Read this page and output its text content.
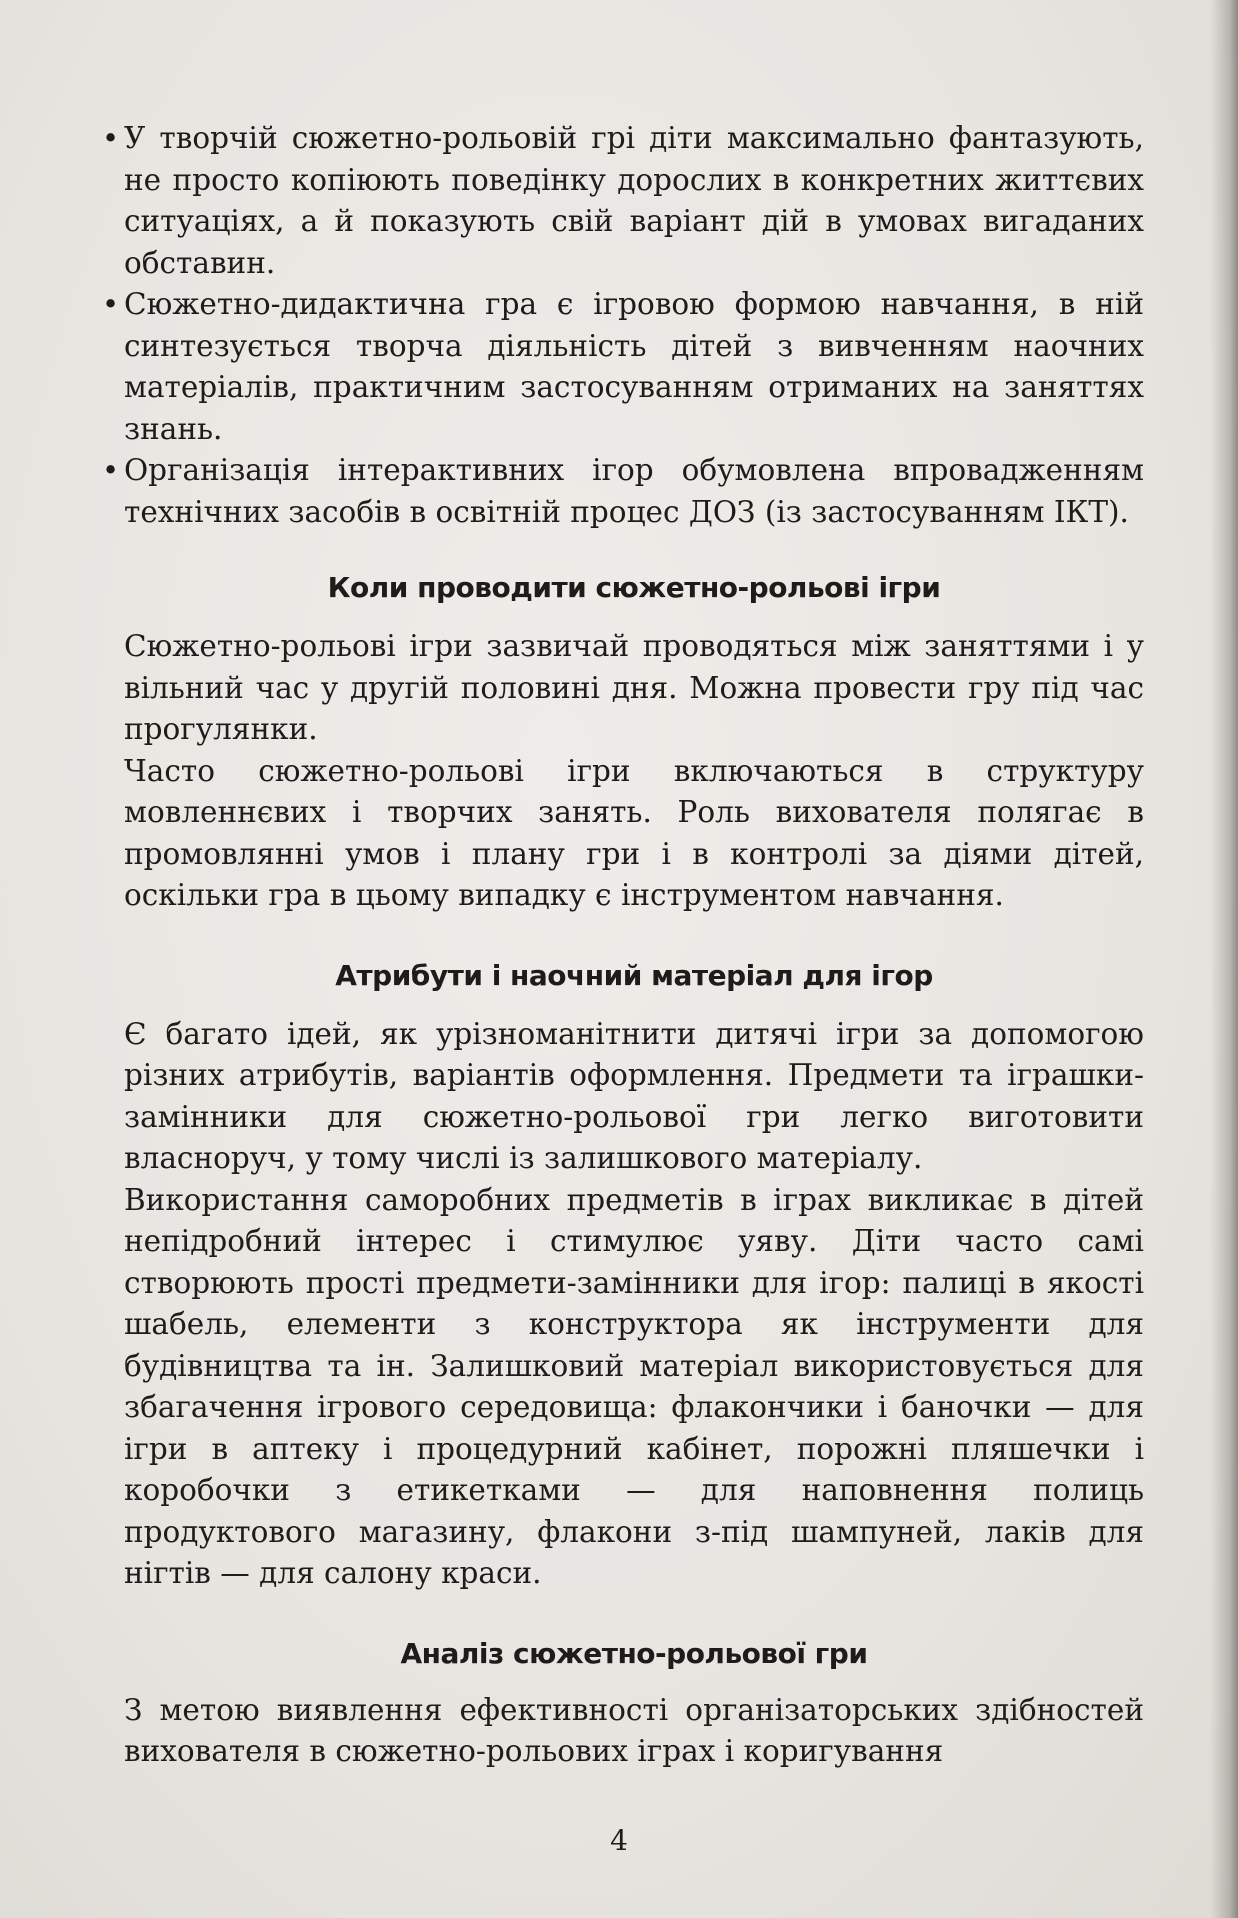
• У творчій сюжетно-рольовій грі діти максимально фантазують, не просто копіюють поведінку дорослих в конкретних життєвих ситуаціях, а й показують свій варіант дій в умовах вигаданих обставин.

• Сюжетно-дидактична гра є ігровою формою навчання, в ній синтезується творча діяльність дітей з вивченням наочних матеріалів, практичним застосуванням отриманих на заняттях знань.

• Організація інтерактивних ігор обумовлена впровадженням технічних засобів в освітній процес ДОЗ (із застосуванням ІКТ).

Коли проводити сюжетно-рольові ігри

Сюжетно-рольові ігри зазвичай проводяться між заняттями і у вільний час у другій половині дня. Можна провести гру під час прогулянки.

Часто сюжетно-рольові ігри включаються в структуру мовленнєвих і творчих занять. Роль вихователя полягає в промовлянні умов і плану гри і в контролі за діями дітей, оскільки гра в цьому випадку є інструментом навчання.

Атрибути і наочний матеріал для ігор

Є багато ідей, як урізноманітнити дитячі ігри за допомогою різних атрибутів, варіантів оформлення. Предмети та іграшки-замінники для сюжетно-рольової гри легко виготовити власноруч, у тому числі із залишкового матеріалу.

Використання саморобних предметів в іграх викликає в дітей непідробний інтерес і стимулює уяву. Діти часто самі створюють прості предмети-замінники для ігор: палиці в якості шабель, елементи з конструктора як інструменти для будівництва та ін. Залишковий матеріал використовується для збагачення ігрового середовища: флакончики і баночки — для ігри в аптеку і процедурний кабінет, порожні пляшечки і коробочки з етикетками — для наповнення полиць продуктового магазину, флакони з-під шампуней, лаків для нігтів — для салону краси.

Аналіз сюжетно-рольової гри

З метою виявлення ефективності організаторських здібностей вихователя в сюжетно-рольових іграх і коригування

4
